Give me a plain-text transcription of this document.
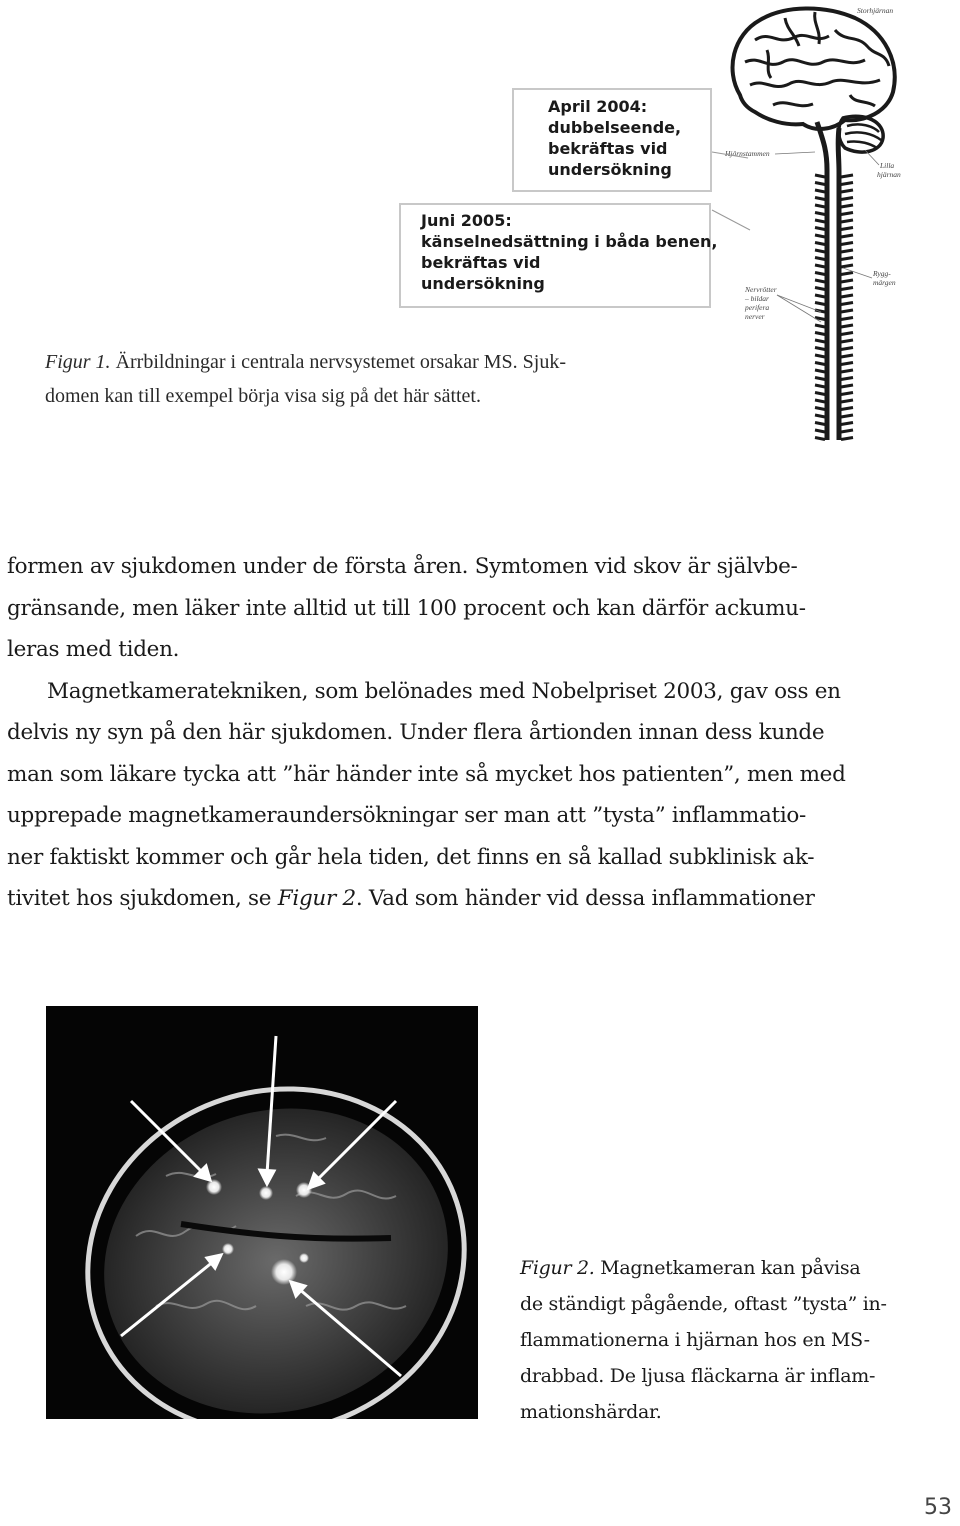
Storhjärnan
Hjärnstammen
Lilla
hjärnan
Rygg-
märgen
Nervrötter
– bildar
perifera
nerver
April 2004:
dubbelseende,
bekräftas vid
undersökning
Juni 2005:
känselnedsättning i båda benen,
bekräftas vid
undersökning
Figur 1. Ärrbildningar i centrala nervsystemet orsakar MS. Sjuk-
domen kan till exempel börja visa sig på det här sättet.
formen av sjukdomen under de första åren. Symtomen vid skov är självbe-
gränsande, men läker inte alltid ut till 100 procent och kan därför ackumu-
leras med tiden.
Magnetkameratekniken, som belönades med Nobelpriset 2003, gav oss en
delvis ny syn på den här sjukdomen. Under flera årtionden innan dess kunde
man som läkare tycka att ”här händer inte så mycket hos patienten”, men med
upprepade magnetkameraundersökningar ser man att ”tysta” inflammatio-
ner faktiskt kommer och går hela tiden, det finns en så kallad subklinisk ak-
tivitet hos sjukdomen, se Figur 2. Vad som händer vid dessa inflammationer
Figur 2. Magnetkameran kan påvisa
de ständigt pågående, oftast ”tysta” in-
flammationerna i hjärnan hos en MS-
drabbad. De ljusa fläckarna är inflam-
mationshärdar.
53
